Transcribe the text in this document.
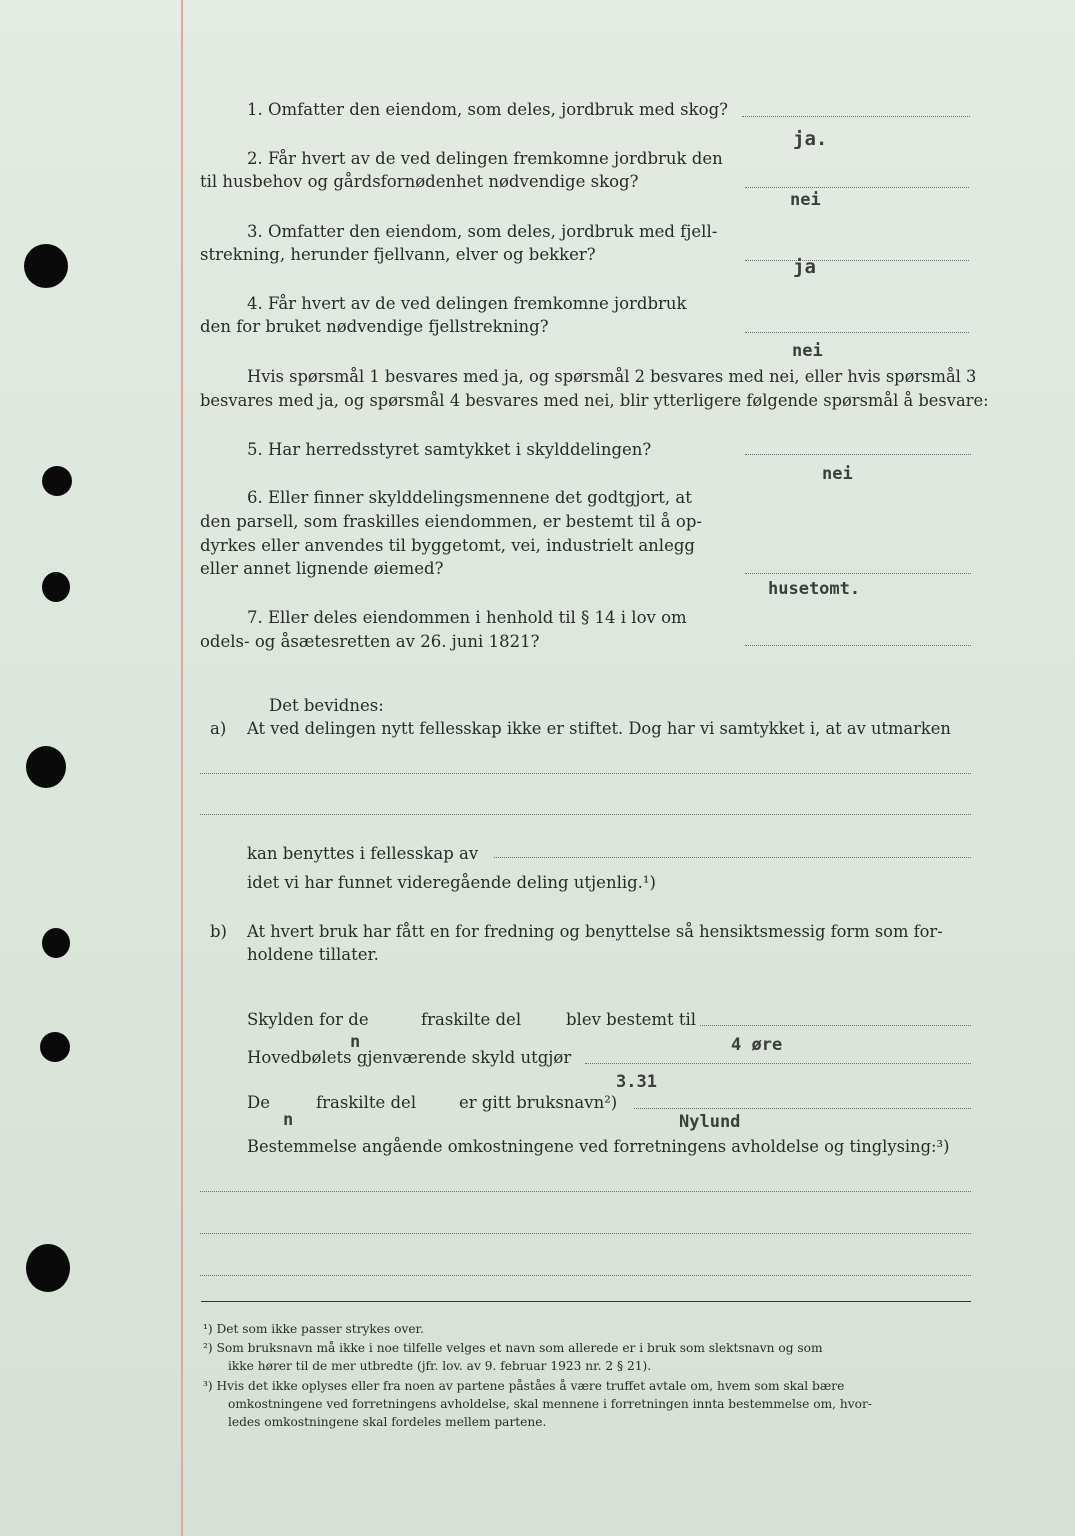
1. Omfatter den eiendom, som deles, jordbruk med skog?
ja.
2. Får hvert av de ved delingen fremkomne jordbruk den
til husbehov og gårdsfornødenhet nødvendige skog?
nei
3. Omfatter den eiendom, som deles, jordbruk med fjell-
strekning, herunder fjellvann, elver og bekker?
ja
4. Får hvert av de ved delingen fremkomne jordbruk
den for bruket nødvendige fjellstrekning?
nei
Hvis spørsmål 1 besvares med ja, og spørsmål 2 besvares med nei, eller hvis spørsmål 3
besvares med ja, og spørsmål 4 besvares med nei, blir ytterligere følgende spørsmål å besvare:
5. Har herredsstyret samtykket i skylddelingen?
nei
6. Eller finner skylddelingsmennene det godtgjort, at
den parsell, som fraskilles eiendommen, er bestemt til å op-
dyrkes eller anvendes til byggetomt, vei, industrielt anlegg
eller annet lignende øiemed?
husetomt.
7. Eller deles eiendommen i henhold til § 14 i lov om
odels- og åsætesretten av 26. juni 1821?
Det bevidnes:
a) At ved delingen nytt fellesskap ikke er stiftet. Dog har vi samtykket i, at av utmarken
kan benyttes i fellesskap av
idet vi har funnet videregående deling utjenlig.¹)
b) At hvert bruk har fått en for fredning og benyttelse så hensiktsmessig form som for-
holdene tillater.
Skylden for de	fraskilte del	blev bestemt til
n	4 øre
Hovedbølets gjenværende skyld utgjør
3.31
De
n
fraskilte del	er gitt bruksnavn²)
Nylund
Bestemmelse angående omkostningene ved forretningens avholdelse og tinglysing:³)
¹) Det som ikke passer strykes over.
²) Som bruksnavn må ikke i noe tilfelle velges et navn som allerede er i bruk som slektsnavn og som
ikke hører til de mer utbredte (jfr. lov. av 9. februar 1923 nr. 2 § 21).
³) Hvis det ikke oplyses eller fra noen av partene påståes å være truffet avtale om, hvem som skal bære
omkostningene ved forretningens avholdelse, skal mennene i forretningen innta bestemmelse om, hvor-
ledes omkostningene skal fordeles mellem partene.
